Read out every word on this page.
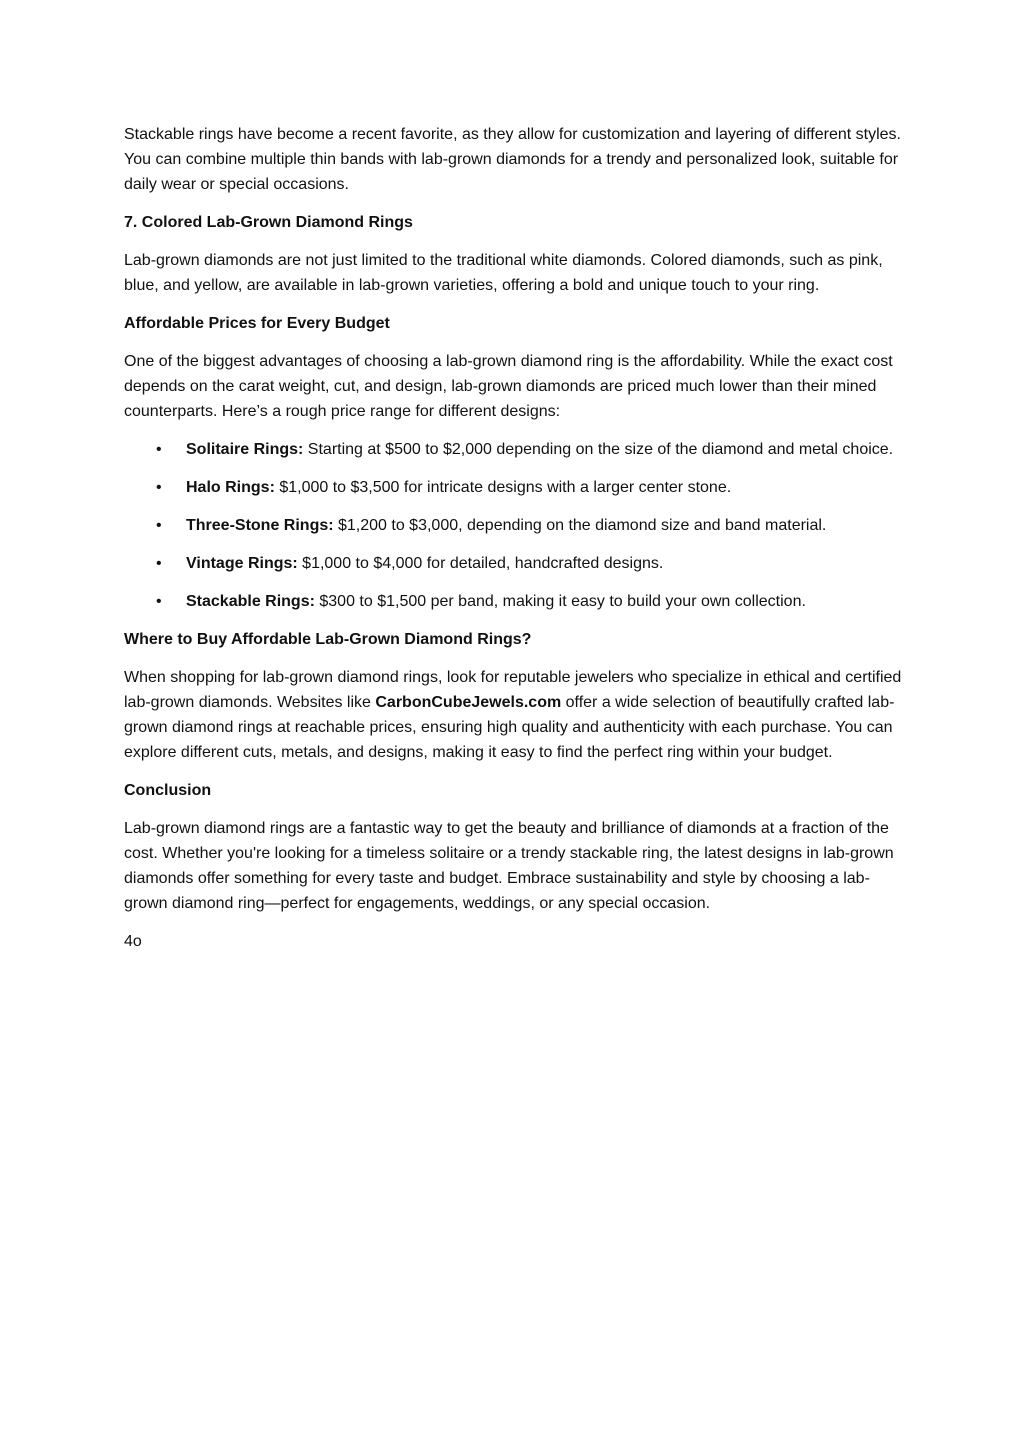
Stackable rings have become a recent favorite, as they allow for customization and layering of different styles. You can combine multiple thin bands with lab-grown diamonds for a trendy and personalized look, suitable for daily wear or special occasions.

7. Colored Lab-Grown Diamond Rings

Lab-grown diamonds are not just limited to the traditional white diamonds. Colored diamonds, such as pink, blue, and yellow, are available in lab-grown varieties, offering a bold and unique touch to your ring.

Affordable Prices for Every Budget

One of the biggest advantages of choosing a lab-grown diamond ring is the affordability. While the exact cost depends on the carat weight, cut, and design, lab-grown diamonds are priced much lower than their mined counterparts. Here’s a rough price range for different designs:

• Solitaire Rings: Starting at $500 to $2,000 depending on the size of the diamond and metal choice.
• Halo Rings: $1,000 to $3,500 for intricate designs with a larger center stone.
• Three-Stone Rings: $1,200 to $3,000, depending on the diamond size and band material.
• Vintage Rings: $1,000 to $4,000 for detailed, handcrafted designs.
• Stackable Rings: $300 to $1,500 per band, making it easy to build your own collection.
Where to Buy Affordable Lab-Grown Diamond Rings?

When shopping for lab-grown diamond rings, look for reputable jewelers who specialize in ethical and certified lab-grown diamonds. Websites like CarbonCubeJewels.com offer a wide selection of beautifully crafted lab-grown diamond rings at reachable prices, ensuring high quality and authenticity with each purchase. You can explore different cuts, metals, and designs, making it easy to find the perfect ring within your budget.

Conclusion

Lab-grown diamond rings are a fantastic way to get the beauty and brilliance of diamonds at a fraction of the cost. Whether you're looking for a timeless solitaire or a trendy stackable ring, the latest designs in lab-grown diamonds offer something for every taste and budget. Embrace sustainability and style by choosing a lab-grown diamond ring—perfect for engagements, weddings, or any special occasion.

4o
